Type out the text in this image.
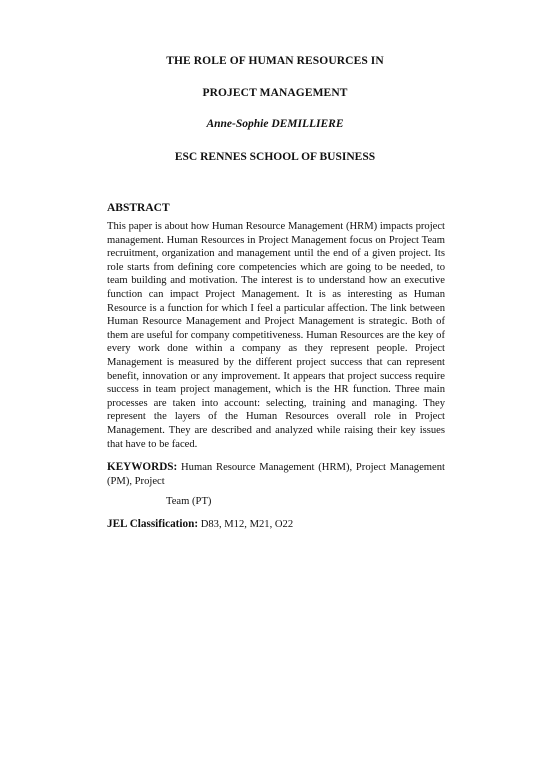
THE ROLE OF HUMAN RESOURCES IN
PROJECT MANAGEMENT
Anne-Sophie DEMILLIERE
ESC RENNES SCHOOL OF BUSINESS
ABSTRACT

This paper is about how Human Resource Management (HRM) impacts project management. Human Resources in Project Management focus on Project Team recruitment, organization and management until the end of a given project. Its role starts from defining core competencies which are going to be needed, to team building and motivation. The interest is to understand how an executive function can impact Project Management. It is as interesting as Human Resource is a function for which I feel a particular affection. The link between Human Resource Management and Project Management is strategic. Both of them are useful for company competitiveness. Human Resources are the key of every work done within a company as they represent people. Project Management is measured by the different project success that can represent benefit, innovation or any improvement. It appears that project success require success in team project management, which is the HR function. Three main processes are taken into account: selecting, training and managing. They represent the layers of the Human Resources overall role in Project Management. They are described and analyzed while raising their key issues that have to be faced.

KEYWORDS: Human Resource Management (HRM), Project Management (PM), Project

Team (PT)
JEL Classification: D83, M12, M21, O22
